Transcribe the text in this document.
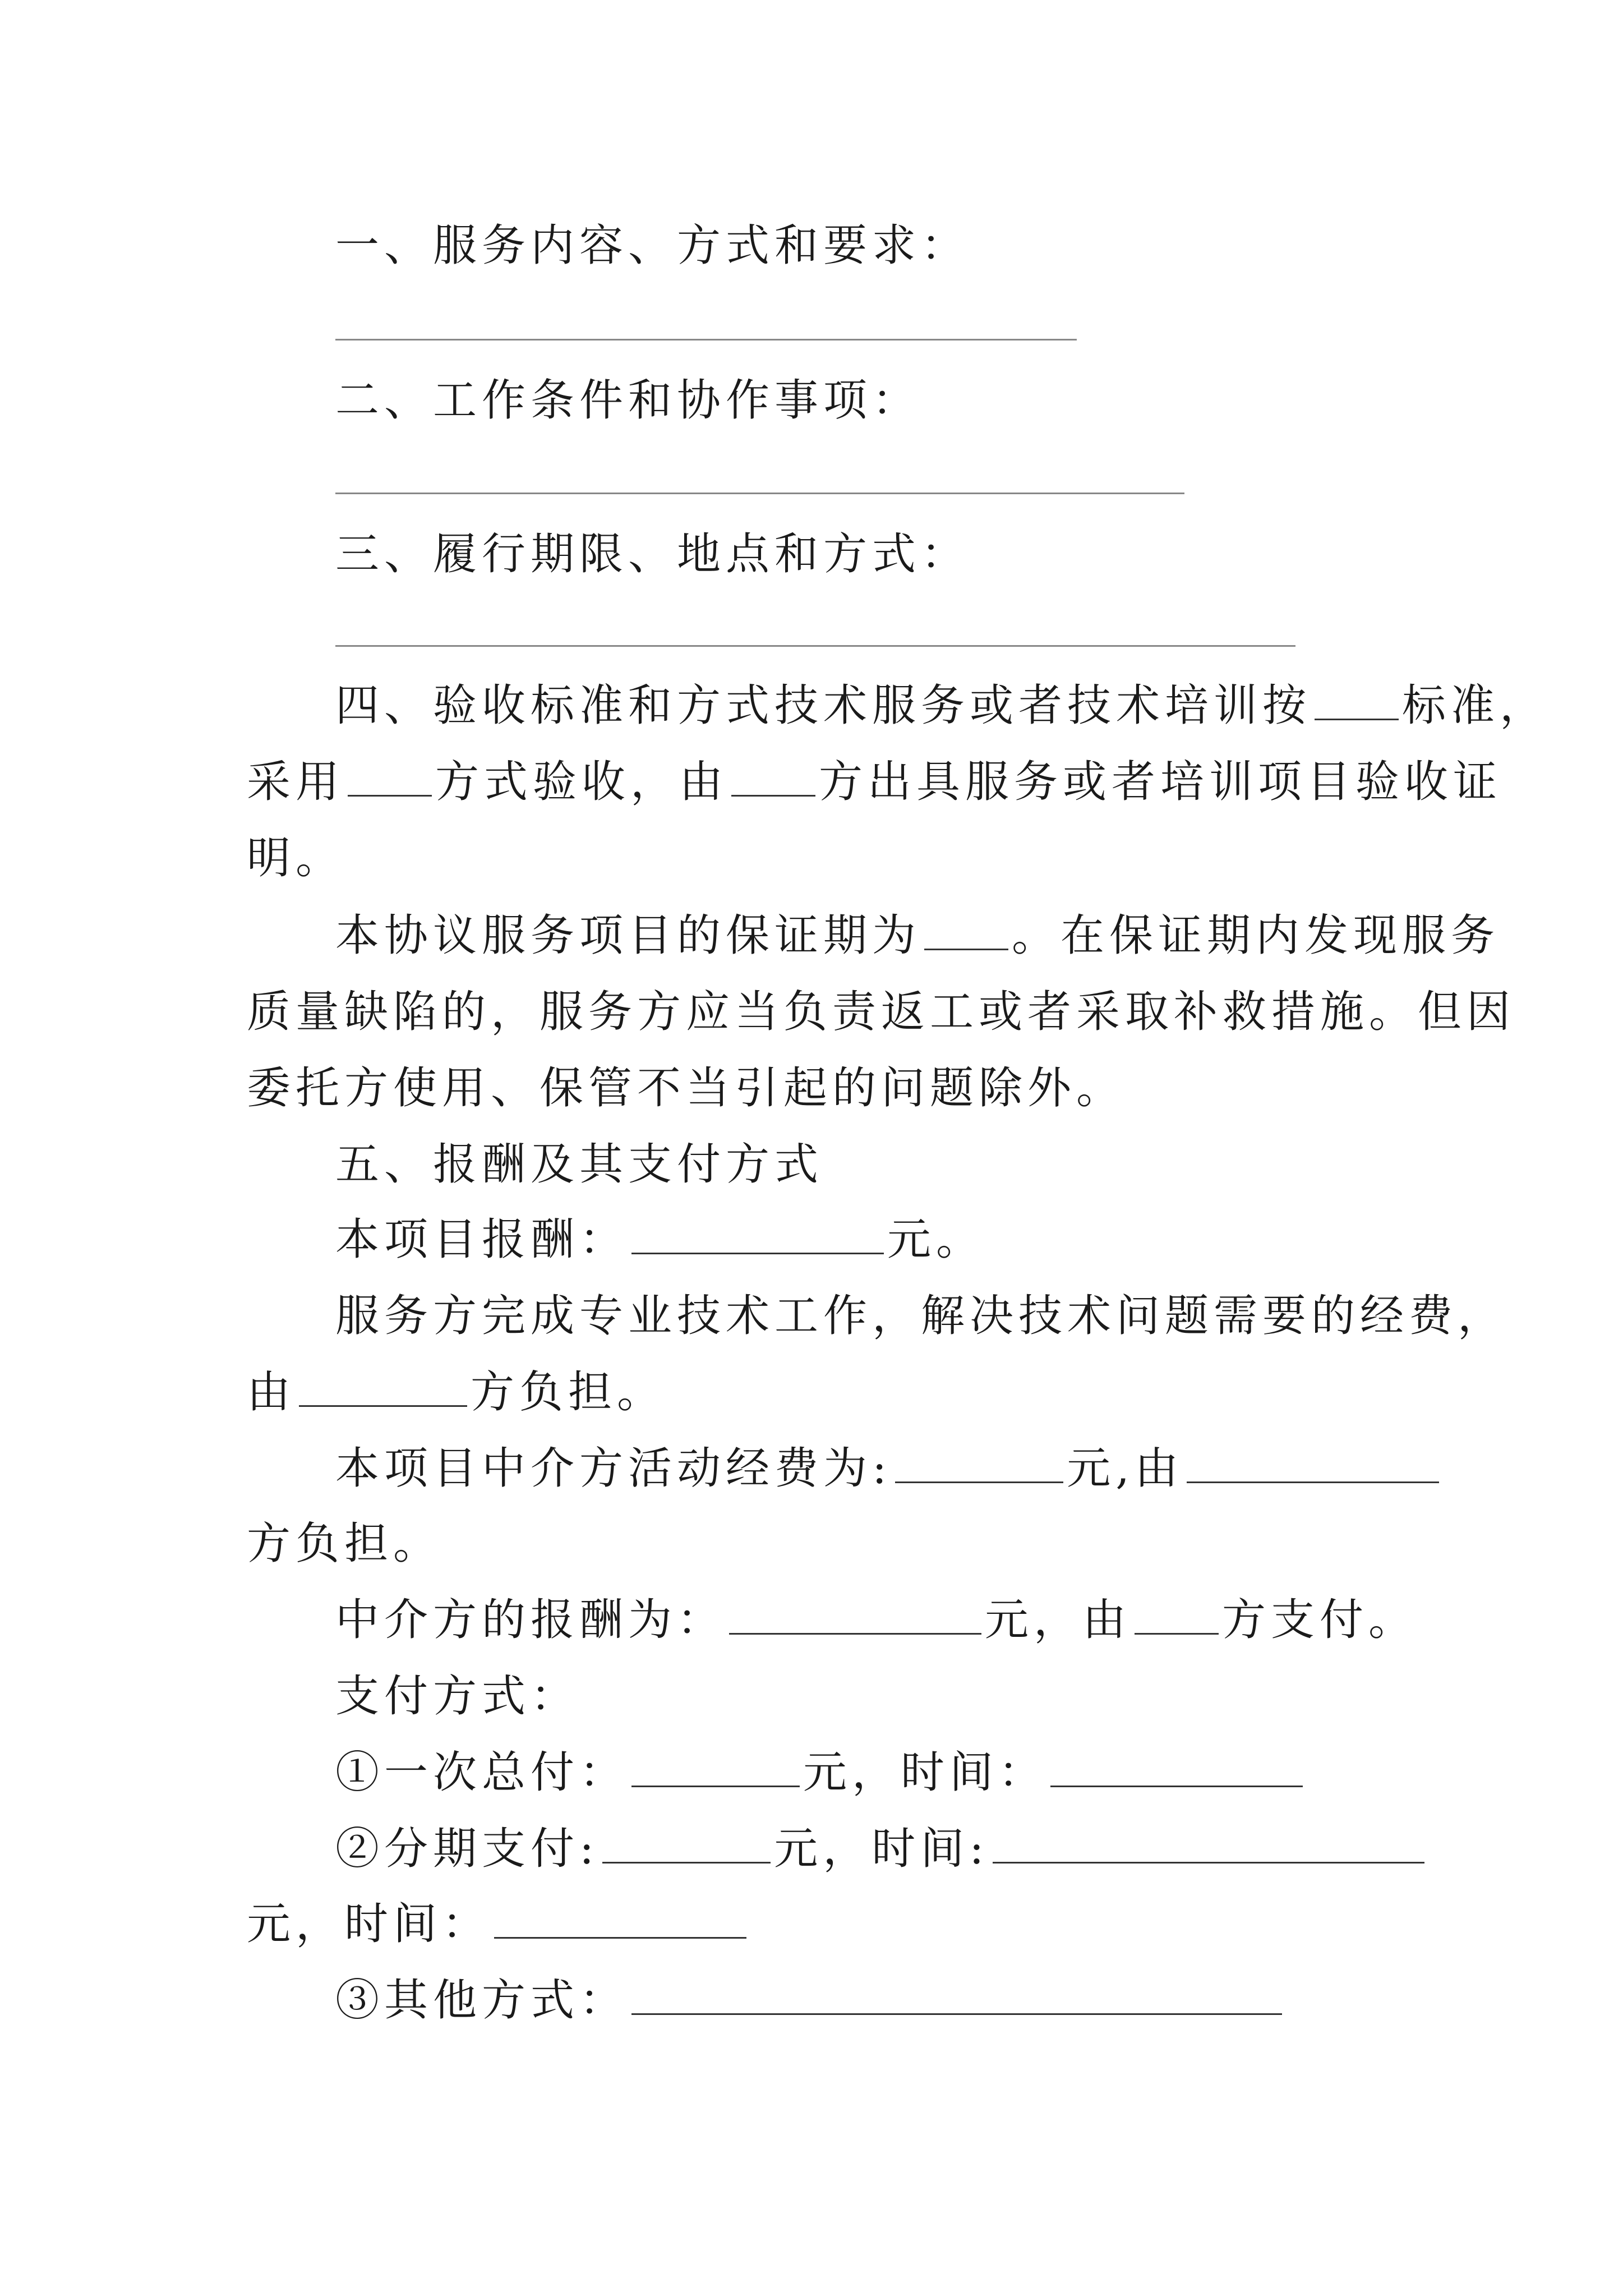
一、服务内容、方式和要求：
二、工作条件和协作事项：
三、履行期限、地点和方式：
四、验收标准和方式技术服务或者技术培训按 标准，
采用 方式验收，由 方出具服务或者培训项目验收证
明。
本协议服务项目的保证期为 。在保证期内发现服务
质量缺陷的，服务方应当负责返工或者采取补救措施。但因
委托方使用、保管不当引起的问题除外。
五、报酬及其支付方式
本项目报酬：	元。
服务方完成专业技术工作，解决技术问题需要的经费，
由	方负担。
本项目中介方活动经费为:	元,由
方负担。
中介方的报酬为：	元，由 方支付。
支付方式：
①一次总付：	元，时间：
②分期支付:	元，时间:
元，时间：
③其他方式：
